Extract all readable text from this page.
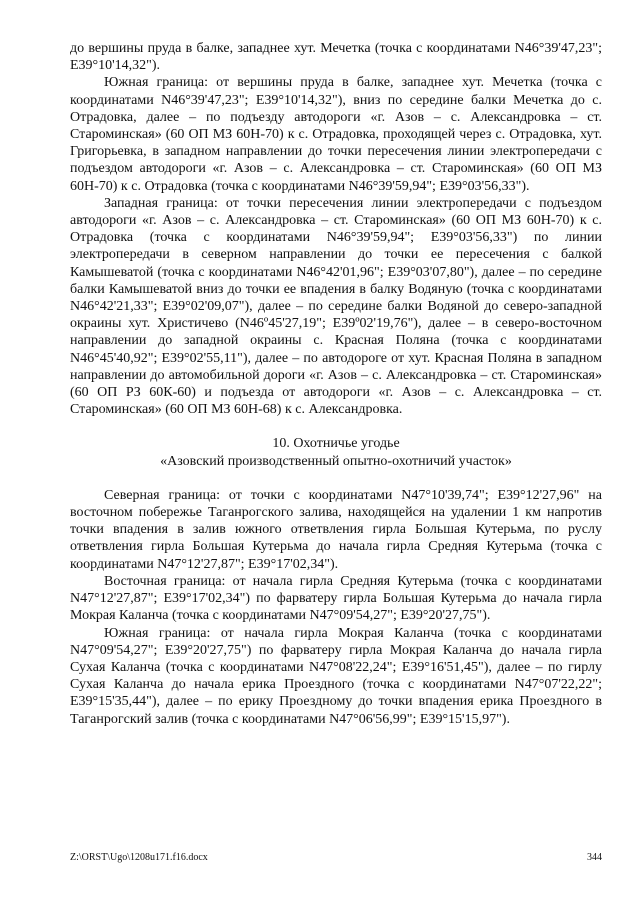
до вершины пруда в балке, западнее хут. Мечетка (точка с координатами N46°39'47,23"; E39°10'14,32").

Южная граница: от вершины пруда в балке, западнее хут. Мечетка (точка с координатами N46°39'47,23"; E39°10'14,32"), вниз по середине балки Мечетка до с. Отрадовка, далее – по подъезду автодороги «г. Азов – с. Александровка – ст. Староминская» (60 ОП МЗ 60Н-70) к с. Отрадовка, проходящей через с. Отрадовка, хут. Григорьевка, в западном направлении до точки пересечения линии электропередачи с подъездом автодороги «г. Азов – с. Александровка – ст. Староминская» (60 ОП МЗ 60Н-70) к с. Отрадовка (точка с координатами N46°39'59,94"; E39°03'56,33").

Западная граница: от точки пересечения линии электропередачи с подъездом автодороги «г. Азов – с. Александровка – ст. Староминская» (60 ОП МЗ 60Н-70) к с. Отрадовка (точка с координатами N46°39'59,94"; E39°03'56,33") по линии электропередачи в северном направлении до точки ее пересечения с балкой Камышеватой (точка с координатами N46°42'01,96"; E39°03'07,80"), далее – по середине балки Камышеватой вниз до точки ее впадения в балку Водяную (точка с координатами N46°42'21,33"; E39°02'09,07"), далее – по середине балки Водяной до северо-западной окраины хут. Христичево (N46º45'27,19"; E39º02'19,76"), далее – в северо-восточном направлении до западной окраины с. Красная Поляна (точка с координатами N46°45'40,92"; E39°02'55,11"), далее – по автодороге от хут. Красная Поляна в западном направлении до автомобильной дороги «г. Азов – с. Александровка – ст. Староминская» (60 ОП РЗ 60К-60) и подъезда от автодороги «г. Азов – с. Александровка – ст. Староминская» (60 ОП МЗ 60Н-68) к с. Александровка.

10. Охотничье угодье

«Азовский производственный опытно-охотничий участок»

Северная граница: от точки с координатами N47°10'39,74"; E39°12'27,96" на восточном побережье Таганрогского залива, находящейся на удалении 1 км напротив точки впадения в залив южного ответвления гирла Большая Кутерьма, по руслу ответвления гирла Большая Кутерьма до начала гирла Средняя Кутерьма (точка с координатами N47°12'27,87"; E39°17'02,34").

Восточная граница: от начала гирла Средняя Кутерьма (точка с координатами N47°12'27,87"; E39°17'02,34") по фарватеру гирла Большая Кутерьма до начала гирла Мокрая Каланча (точка с координатами N47°09'54,27"; E39°20'27,75").

Южная граница: от начала гирла Мокрая Каланча (точка с координатами N47°09'54,27"; E39°20'27,75") по фарватеру гирла Мокрая Каланча до начала гирла Сухая Каланча (точка с координатами N47°08'22,24"; E39°16'51,45"), далее – по гирлу Сухая Каланча до начала ерика Проездного (точка с координатами N47°07'22,22"; E39°15'35,44"), далее – по ерику Проездному до точки впадения ерика Проездного в Таганрогский залив (точка с координатами N47°06'56,99"; E39°15'15,97").

Z:\ORST\Ugo\1208u171.f16.docx	344
